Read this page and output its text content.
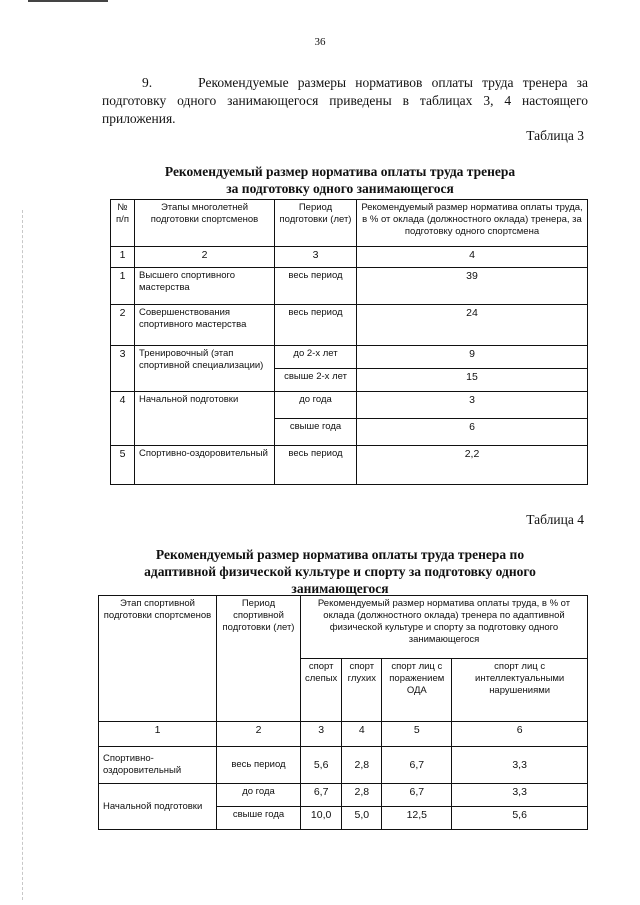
36
9.	Рекомендуемые размеры нормативов оплаты труда тренера за подготовку одного занимающегося приведены в таблицах 3, 4 настоящего приложения.
Таблица 3
Рекомендуемый размер норматива оплаты труда тренера
за подготовку одного занимающегося
№ п/п	Этапы многолетней подготовки спортсменов	Период подготовки (лет)	Рекомендуемый размер норматива оплаты труда, в % от оклада (должностного оклада) тренера, за подготовку одного спортсмена
1	2	3	4
1	Высшего спортивного мастерства	весь период	39
2	Совершенствования спортивного мастерства	весь период	24
3	Тренировочный (этап спортивной специализации)	до 2-х лет	9
		свыше 2-х лет	15
4	Начальной подготовки	до года	3
		свыше года	6
5	Спортивно-оздоровительный	весь период	2,2
Таблица 4
Рекомендуемый размер норматива оплаты труда тренера по
адаптивной физической культуре и спорту за подготовку одного
занимающегося
Этап спортивной подготовки спортсменов	Период спортивной подготовки (лет)	Рекомендуемый размер норматива оплаты труда, в % от оклада (должностного оклада) тренера по адаптивной физической культуре и спорту за подготовку одного занимающегося			
		спорт слепых	спорт глухих	спорт лиц с поражением ОДА	спорт лиц с интеллектуальными нарушениями
1	2	3	4	5	6
Спортивно-оздоровительный	весь период	5,6	2,8	6,7	3,3
Начальной подготовки	до года	6,7	2,8	6,7	3,3
	свыше года	10,0	5,0	12,5	5,6
